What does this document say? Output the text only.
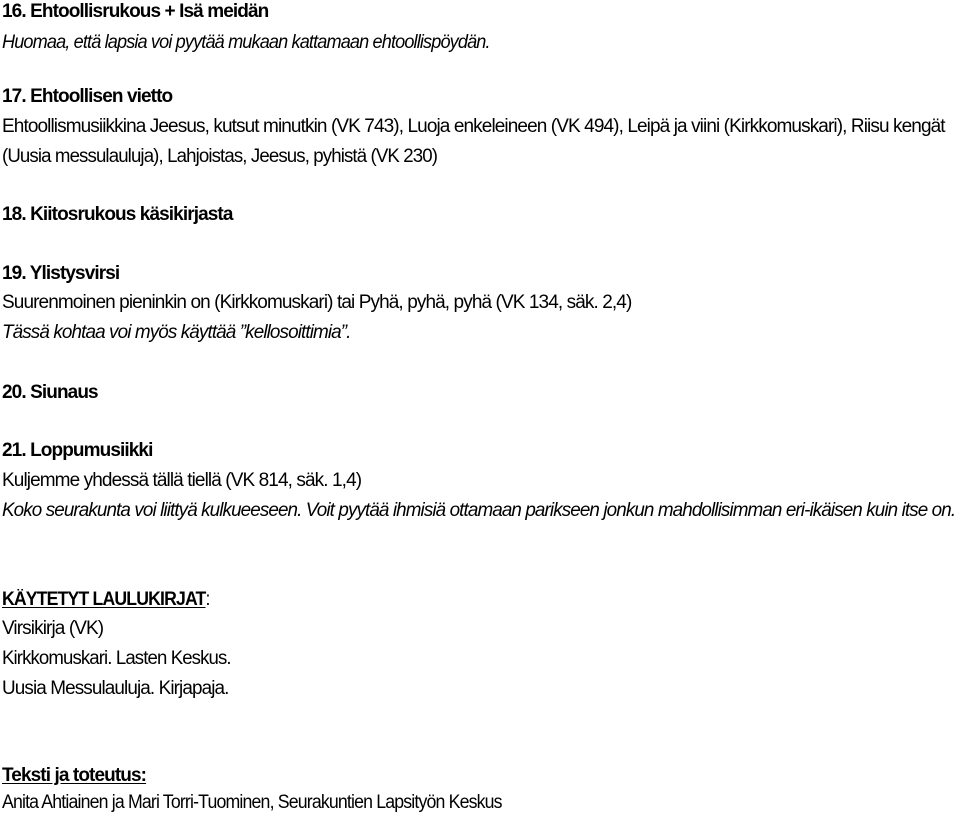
16. Ehtoollisrukous + Isä meidän
Huomaa, että lapsia voi pyytää mukaan kattamaan ehtoollispöydän.
17. Ehtoollisen vietto
Ehtoollismusiikkina Jeesus, kutsut minutkin (VK 743), Luoja enkeleineen (VK 494), Leipä ja viini (Kirkkomuskari), Riisu kengät
(Uusia messulauluja), Lahjoistas, Jeesus, pyhistä (VK 230)
18. Kiitosrukous käsikirjasta
19. Ylistysvirsi
Suurenmoinen pieninkin on (Kirkkomuskari) tai Pyhä, pyhä, pyhä (VK 134, säk. 2,4)
Tässä kohtaa voi myös käyttää ”kellosoittimia”.
20. Siunaus
21. Loppumusiikki
Kuljemme yhdessä tällä tiellä (VK 814, säk. 1,4)
Koko seurakunta voi liittyä kulkueeseen. Voit pyytää ihmisiä ottamaan parikseen jonkun mahdollisimman eri-ikäisen kuin itse on.
KÄYTETYT LAULUKIRJAT:
Virsikirja (VK)
Kirkkomuskari. Lasten Keskus.
Uusia Messulauluja. Kirjapaja.
Teksti ja toteutus:
Anita Ahtiainen ja Mari Torri-Tuominen, Seurakuntien Lapsityön Keskus
